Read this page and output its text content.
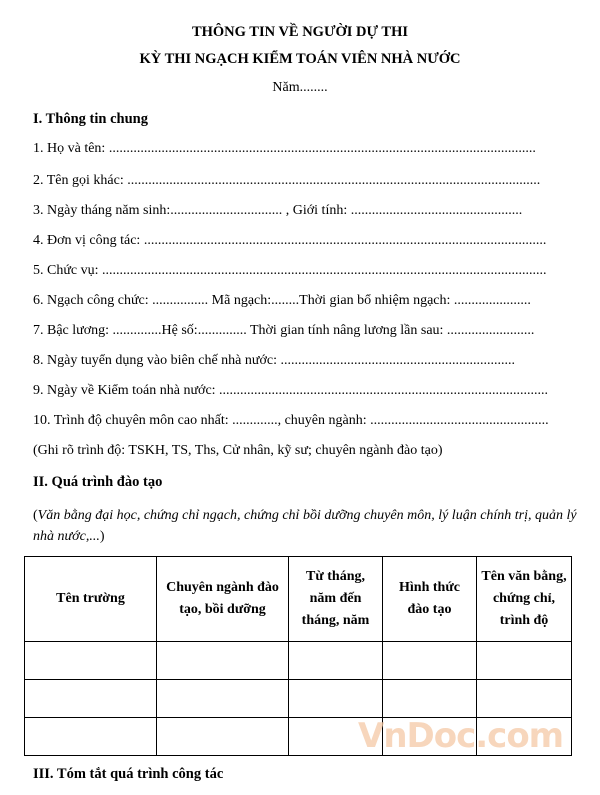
THÔNG TIN VỀ NGƯỜI DỰ THI
KỲ THI NGẠCH KIỂM TOÁN VIÊN NHÀ NƯỚC
Năm........
I. Thông tin chung
1. Họ và tên: ..........................................................................................................................
2. Tên gọi khác: ......................................................................................................................
3. Ngày tháng năm sinh:................................ , Giới tính: .................................................
4. Đơn vị công tác: ...................................................................................................................
5. Chức vụ: ...............................................................................................................................
6. Ngạch công chức: ................ Mã ngạch:........Thời gian bổ nhiệm ngạch: ......................
7. Bậc lương: ..............Hệ số:.............. Thời gian tính nâng lương lần sau: .........................
8. Ngày tuyển dụng vào biên chế nhà nước: ...................................................................
9. Ngày về Kiểm toán nhà nước: ..............................................................................................
10. Trình độ chuyên môn cao nhất: ............., chuyên ngành: ...................................................
(Ghi rõ trình độ: TSKH, TS, Ths, Cử nhân, kỹ sư; chuyên ngành đào tạo)
II. Quá trình đào tạo
(Văn bằng đại học, chứng chỉ ngạch, chứng chỉ bồi dưỡng chuyên môn, lý luận chính trị, quản lý nhà nước,...)
Tên trường	Chuyên ngành đào tạo, bồi dưỡng	Từ tháng, năm đến tháng, năm	Hình thức đào tạo	Tên văn bằng, chứng chỉ, trình độ

VnDoc.com
III. Tóm tắt quá trình công tác
